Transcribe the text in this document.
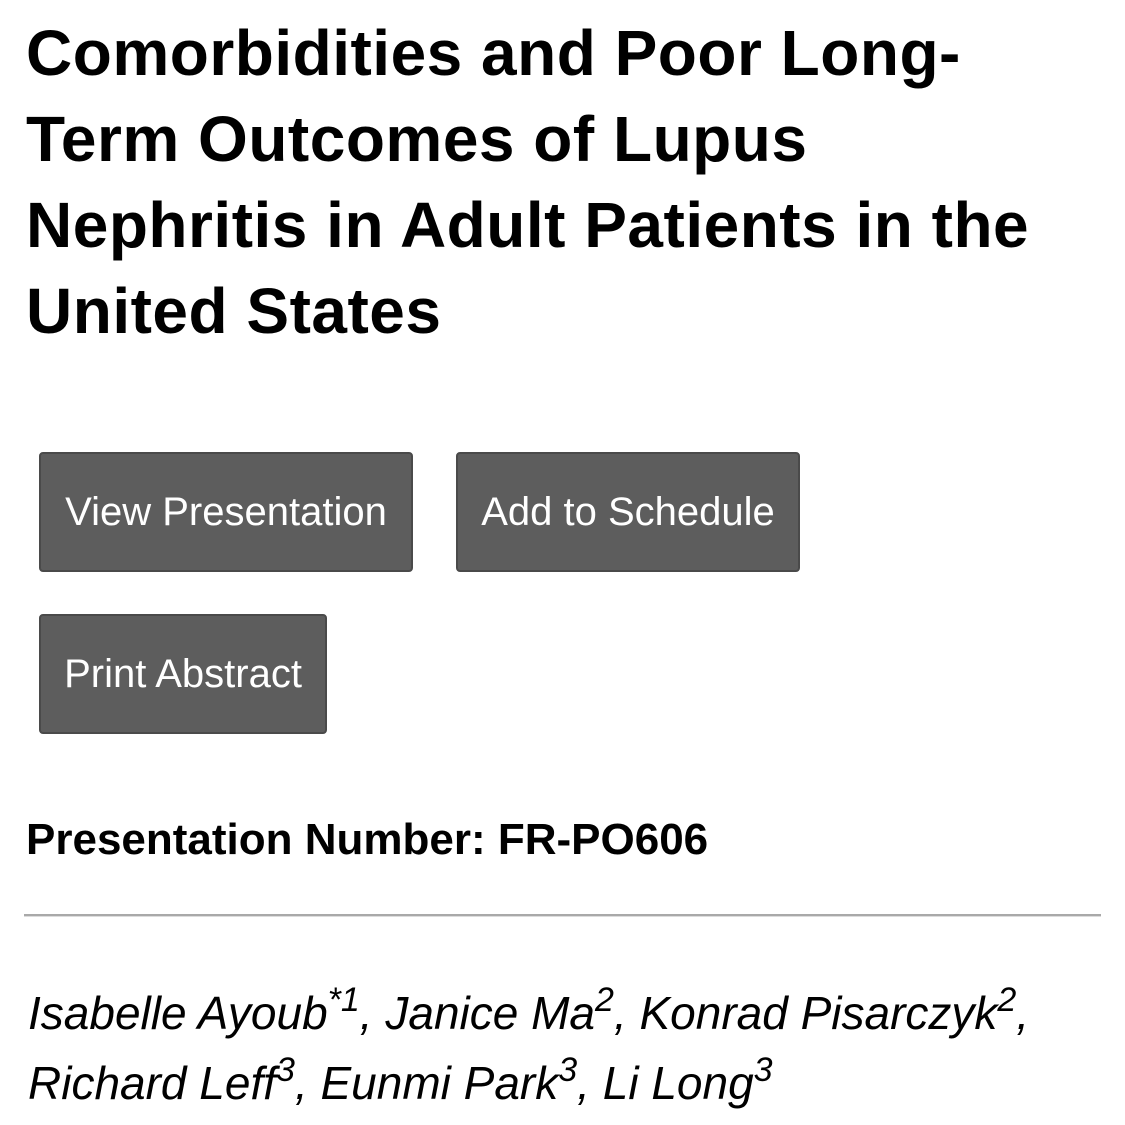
Comorbidities and Poor Long-Term Outcomes of Lupus Nephritis in Adult Patients in the United States
View Presentation	Add to Schedule
Print Abstract
Presentation Number: FR-PO606

Isabelle Ayoub$^{*1}$, Janice Ma$^2$, Konrad Pisarczyk$^2$, Richard Leff$^3$, Eunmi Park$^3$, Li Long$^3$
